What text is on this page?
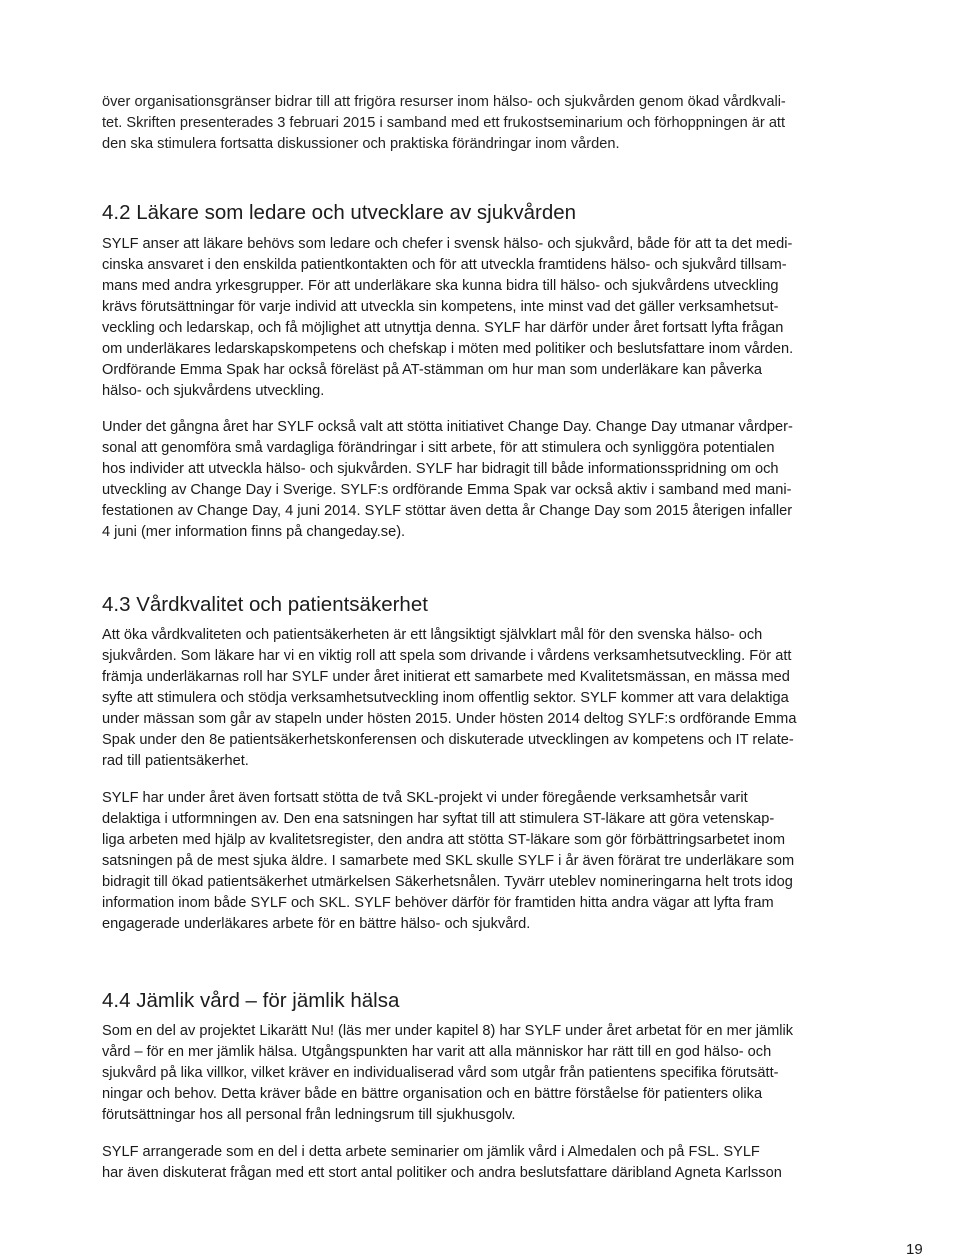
över organisationsgränser bidrar till att frigöra resurser inom hälso- och sjukvården genom ökad vårdkvali-
tet. Skriften presenterades 3 februari 2015 i samband med ett frukostseminarium och förhoppningen är att
den ska stimulera fortsatta diskussioner och praktiska förändringar inom vården.

4.2 Läkare som ledare och utvecklare av sjukvården

SYLF anser att läkare behövs som ledare och chefer i svensk hälso- och sjukvård, både för att ta det medi-
cinska ansvaret i den enskilda patientkontakten och för att utveckla framtidens hälso- och sjukvård tillsam-
mans med andra yrkesgrupper. För att underläkare ska kunna bidra till hälso- och sjukvårdens utveckling
krävs förutsättningar för varje individ att utveckla sin kompetens, inte minst vad det gäller verksamhetsut-
veckling och ledarskap, och få möjlighet att utnyttja denna. SYLF har därför under året fortsatt lyfta frågan
om underläkares ledarskapskompetens och chefskap i möten med politiker och beslutsfattare inom vården.
Ordförande Emma Spak har också föreläst på AT-stämman om hur man som underläkare kan påverka
hälso- och sjukvårdens utveckling.

Under det gångna året har SYLF också valt att stötta initiativet Change Day. Change Day utmanar vårdper-
sonal att genomföra små vardagliga förändringar i sitt arbete, för att stimulera och synliggöra potentialen
hos individer att utveckla hälso- och sjukvården. SYLF har bidragit till både informationsspridning om och
utveckling av Change Day i Sverige. SYLF:s ordförande Emma Spak var också aktiv i samband med mani-
festationen av Change Day, 4 juni 2014. SYLF stöttar även detta år Change Day som 2015 återigen infaller
4 juni (mer information finns på changeday.se).

4.3 Vårdkvalitet och patientsäkerhet

Att öka vårdkvaliteten och patientsäkerheten är ett långsiktigt självklart mål för den svenska hälso- och
sjukvården. Som läkare har vi en viktig roll att spela som drivande i vårdens verksamhetsutveckling. För att
främja underläkarnas roll har SYLF under året initierat ett samarbete med Kvalitetsmässan, en mässa med
syfte att stimulera och stödja verksamhetsutveckling inom offentlig sektor. SYLF kommer att vara delaktiga
under mässan som går av stapeln under hösten 2015. Under hösten 2014 deltog SYLF:s ordförande Emma
Spak under den 8e patientsäkerhetskonferensen och diskuterade utvecklingen av kompetens och IT relate-
rad till patientsäkerhet.

SYLF har under året även fortsatt stötta de två SKL-projekt vi under föregående verksamhetsår varit
delaktiga i utformningen av. Den ena satsningen har syftat till att stimulera ST-läkare att göra vetenskap-
liga arbeten med hjälp av kvalitetsregister, den andra att stötta ST-läkare som gör förbättringsarbetet inom
satsningen på de mest sjuka äldre. I samarbete med SKL skulle SYLF i år även förärat tre underläkare som
bidragit till ökad patientsäkerhet utmärkelsen Säkerhetsnålen. Tyvärr uteblev nomineringarna helt trots idog
information inom både SYLF och SKL. SYLF behöver därför för framtiden hitta andra vägar att lyfta fram
engagerade underläkares arbete för en bättre hälso- och sjukvård.

4.4 Jämlik vård – för jämlik hälsa

Som en del av projektet Likarätt Nu! (läs mer under kapitel 8) har SYLF under året arbetat för en mer jämlik
vård – för en mer jämlik hälsa. Utgångspunkten har varit att alla människor har rätt till en god hälso- och
sjukvård på lika villkor, vilket kräver en individualiserad vård som utgår från patientens specifika förutsätt-
ningar och behov. Detta kräver både en bättre organisation och en bättre förståelse för patienters olika
förutsättningar hos all personal från ledningsrum till sjukhusgolv.

SYLF arrangerade som en del i detta arbete seminarier om jämlik vård i Almedalen och på FSL. SYLF
har även diskuterat frågan med ett stort antal politiker och andra beslutsfattare däribland Agneta Karlsson

19
